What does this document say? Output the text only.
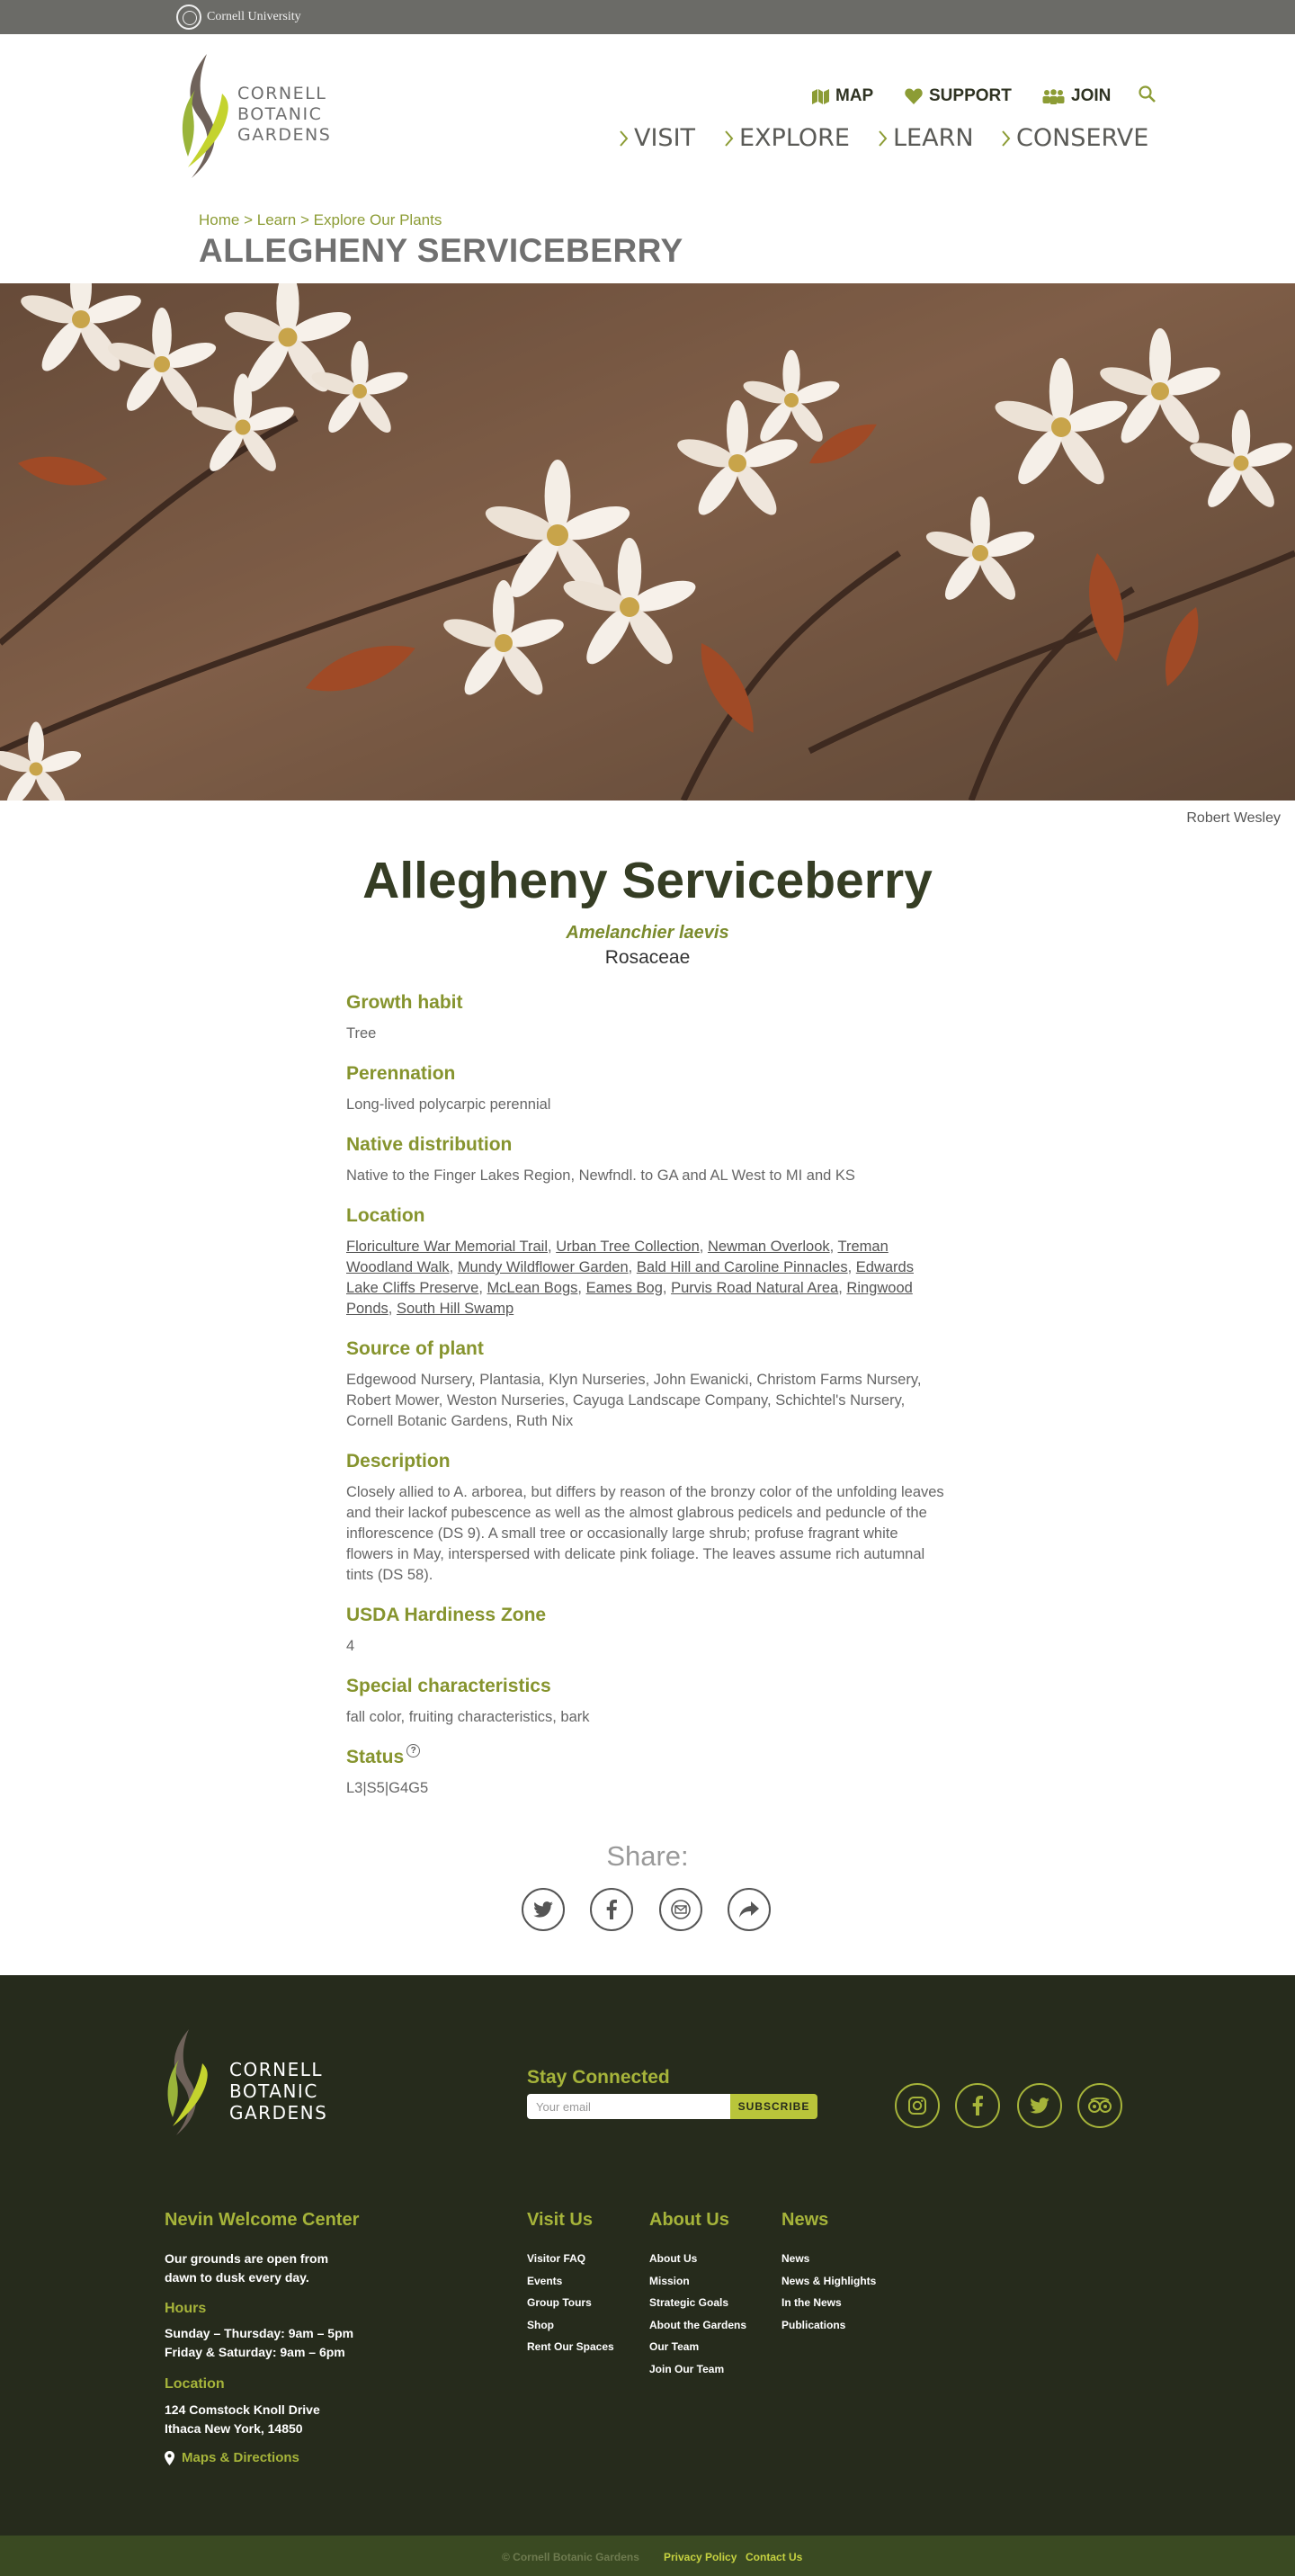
Cornell University
CORNELL
BOTANIC
GARDENS
MAP	SUPPORT	JOIN
VISIT EXPLORE LEARN CONSERVE
Home > Learn > Explore Our Plants
ALLEGHENY SERVICEBERRY
Robert Wesley
Allegheny Serviceberry
Amelanchier laevis
Rosaceae
Growth habit
Tree
Perennation
Long-lived polycarpic perennial
Native distribution
Native to the Finger Lakes Region, Newfndl. to GA and AL West to MI and KS
Location
Floriculture War Memorial Trail, Urban Tree Collection, Newman Overlook, Treman Woodland Walk, Mundy Wildflower Garden, Bald Hill and Caroline Pinnacles, Edwards Lake Cliffs Preserve, McLean Bogs, Eames Bog, Purvis Road Natural Area, Ringwood Ponds, South Hill Swamp
Source of plant
Edgewood Nursery, Plantasia, Klyn Nurseries, John Ewanicki, Christom Farms Nursery, Robert Mower, Weston Nurseries, Cayuga Landscape Company, Schichtel's Nursery, Cornell Botanic Gardens, Ruth Nix
Description
Closely allied to A. arborea, but differs by reason of the bronzy color of the unfolding leaves and their lackof pubescence as well as the almost glabrous pedicels and peduncle of the inflorescence (DS 9). A small tree or occasionally large shrub; profuse fragrant white flowers in May, interspersed with delicate pink foliage. The leaves assume rich autumnal tints (DS 58).
USDA Hardiness Zone
4
Special characteristics
fall color, fruiting characteristics, bark
Status ?
L3|S5|G4G5
Share:
CORNELL
BOTANIC
GARDENS
Stay Connected
Your email
SUBSCRIBE
Nevin Welcome Center
Our grounds are open from
dawn to dusk every day.
Hours
Sunday – Thursday: 9am – 5pm
Friday & Saturday: 9am – 6pm
Location
124 Comstock Knoll Drive
Ithaca New York, 14850
Maps & Directions
Visit Us
Visitor FAQ
Events
Group Tours
Shop
Rent Our Spaces
About Us
About Us
Mission
Strategic Goals
About the Gardens
Our Team
Join Our Team
News
News
News & Highlights
In the News
Publications
© Cornell Botanic Gardens Privacy Policy Contact Us
